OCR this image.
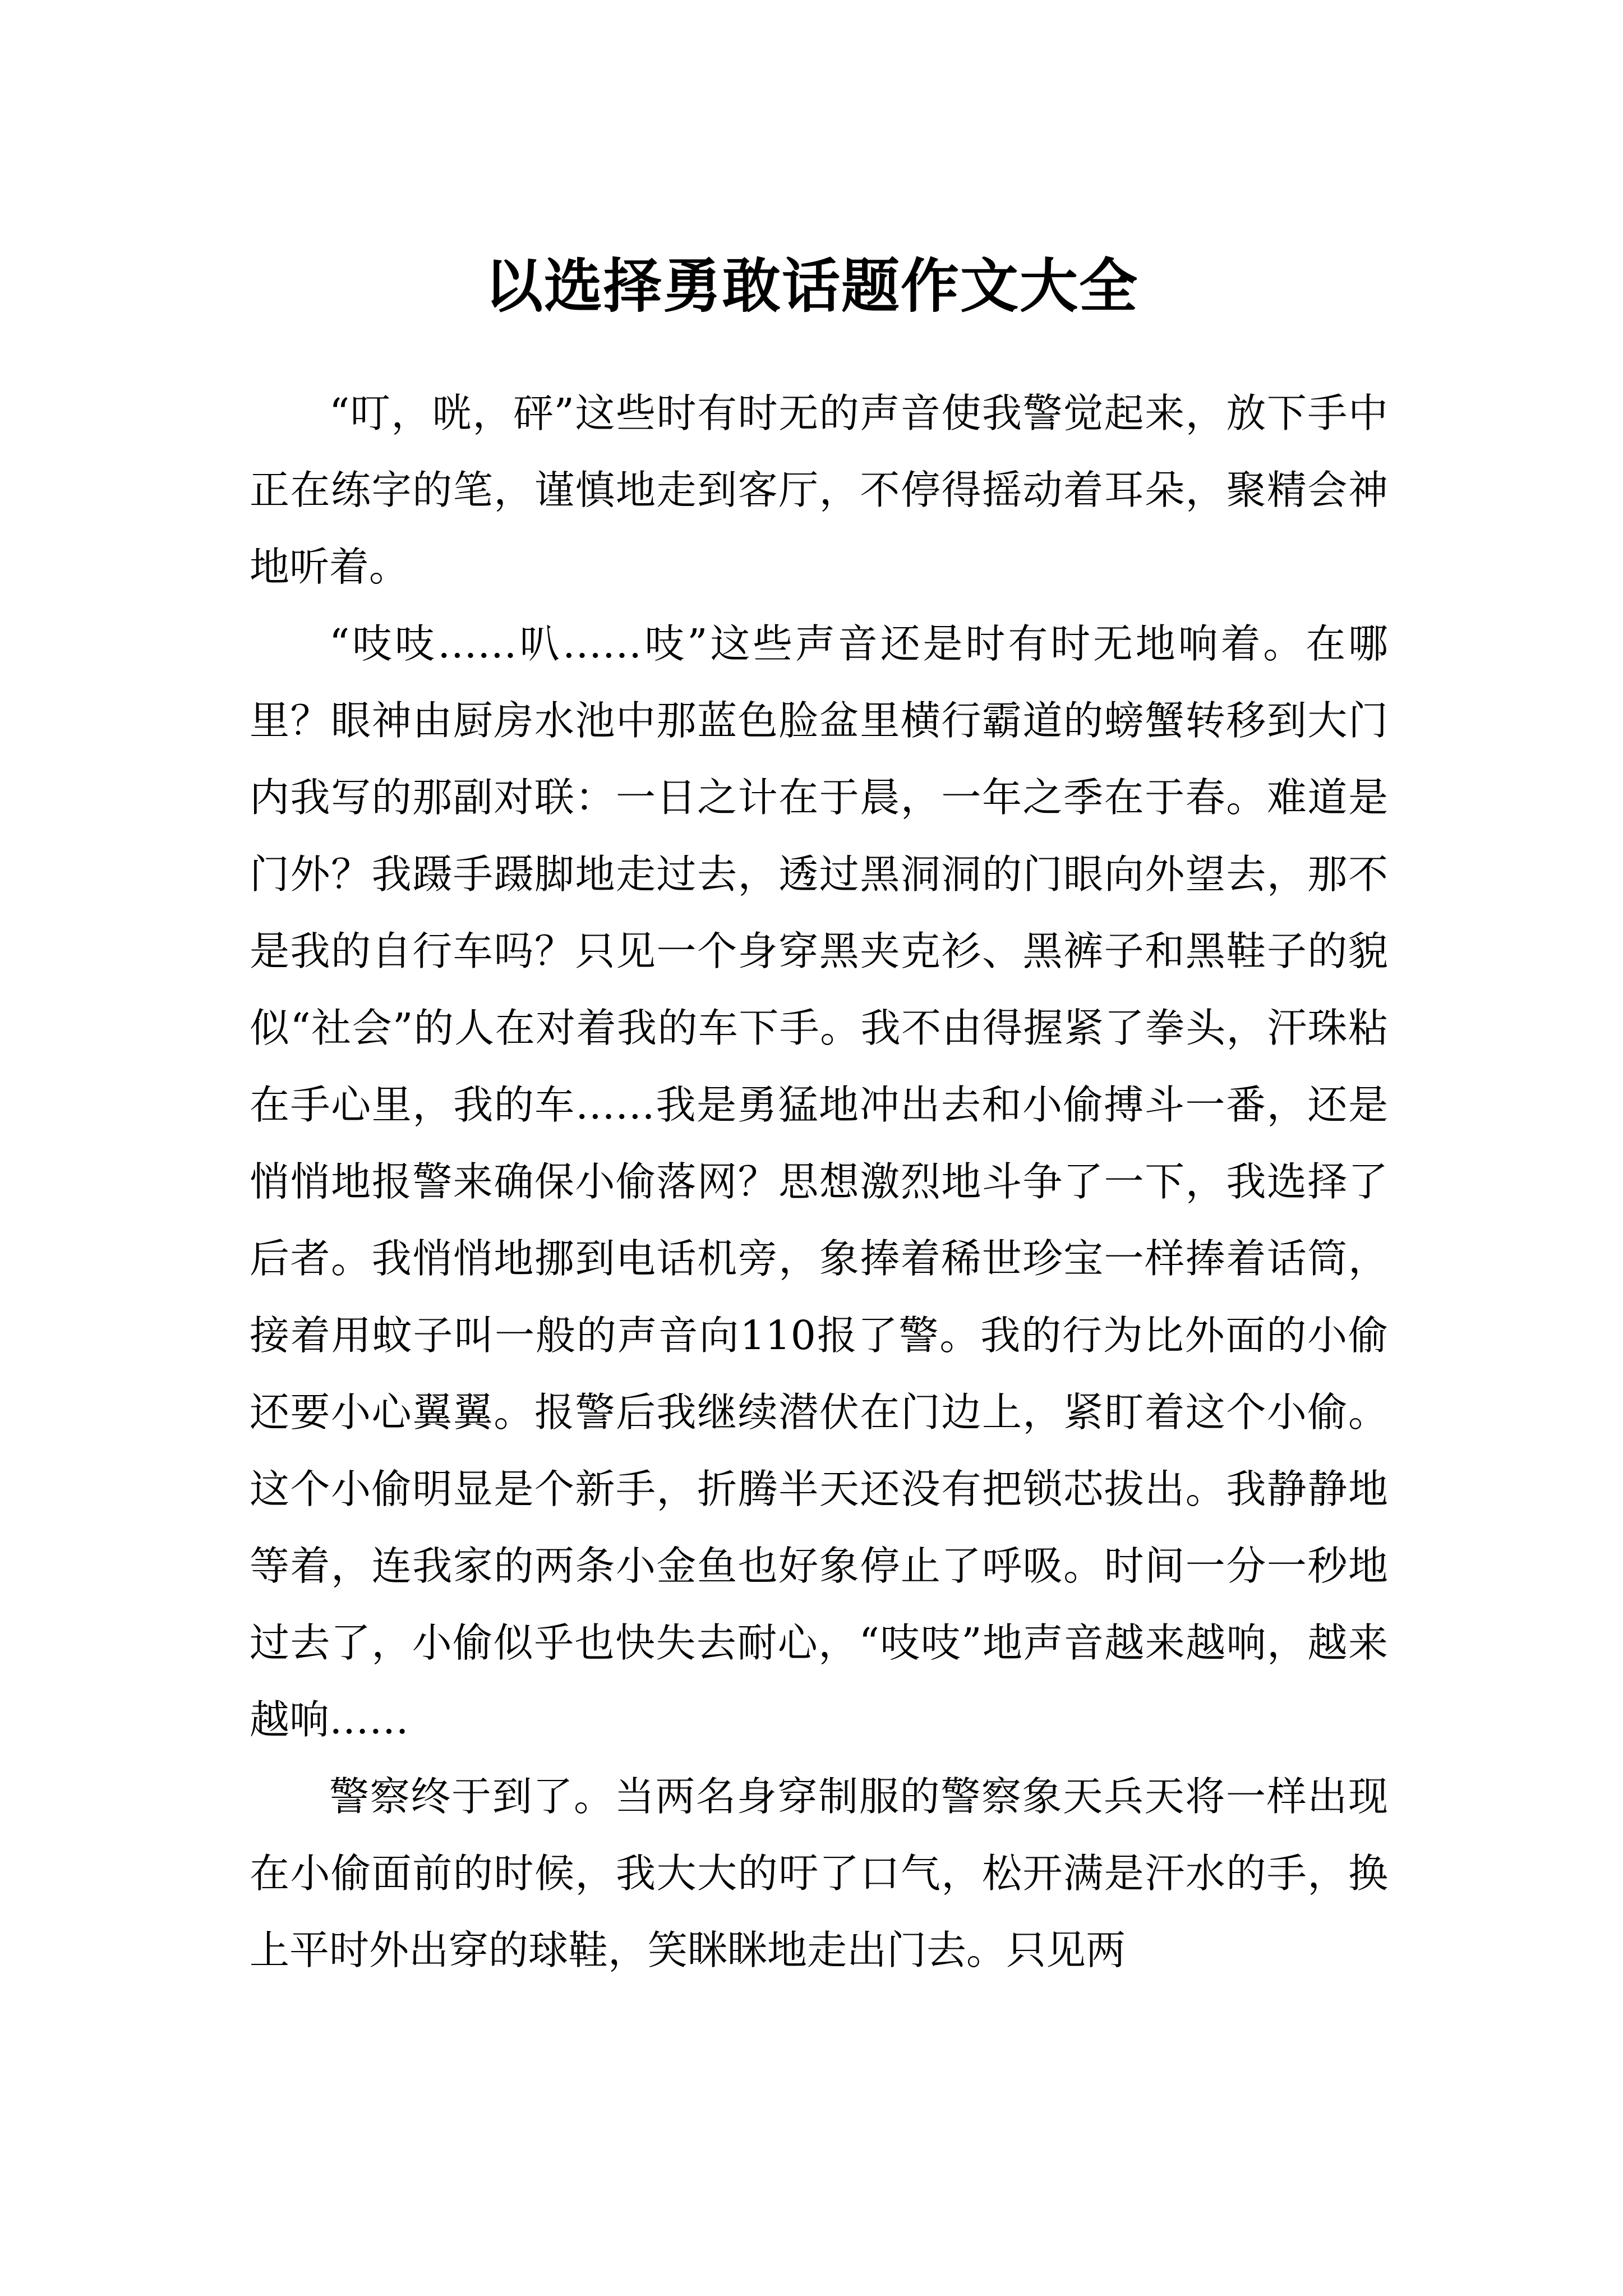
以选择勇敢话题作文大全

“叮，咣，砰”这些时有时无的声音使我警觉起来，放下手中正在练字的笔，谨慎地走到客厅，不停得摇动着耳朵，聚精会神地听着。

“吱吱……叭……吱”这些声音还是时有时无地响着。在哪里？眼神由厨房水池中那蓝色脸盆里横行霸道的螃蟹转移到大门内我写的那副对联：一日之计在于晨，一年之季在于春。难道是门外？我蹑手蹑脚地走过去，透过黑洞洞的门眼向外望去，那不是我的自行车吗？只见一个身穿黑夹克衫、黑裤子和黑鞋子的貌似“社会”的人在对着我的车下手。我不由得握紧了拳头，汗珠粘在手心里，我的车……我是勇猛地冲出去和小偷搏斗一番，还是悄悄地报警来确保小偷落网？思想激烈地斗争了一下，我选择了后者。我悄悄地挪到电话机旁，象捧着稀世珍宝一样捧着话筒，接着用蚊子叫一般的声音向110报了警。我的行为比外面的小偷还要小心翼翼。报警后我继续潜伏在门边上，紧盯着这个小偷。这个小偷明显是个新手，折腾半天还没有把锁芯拔出。我静静地等着，连我家的两条小金鱼也好象停止了呼吸。时间一分一秒地过去了，小偷似乎也快失去耐心，“吱吱”地声音越来越响，越来越响……

警察终于到了。当两名身穿制服的警察象天兵天将一样出现在小偷面前的时候，我大大的吁了口气，松开满是汗水的手，换上平时外出穿的球鞋，笑眯眯地走出门去。只见两
